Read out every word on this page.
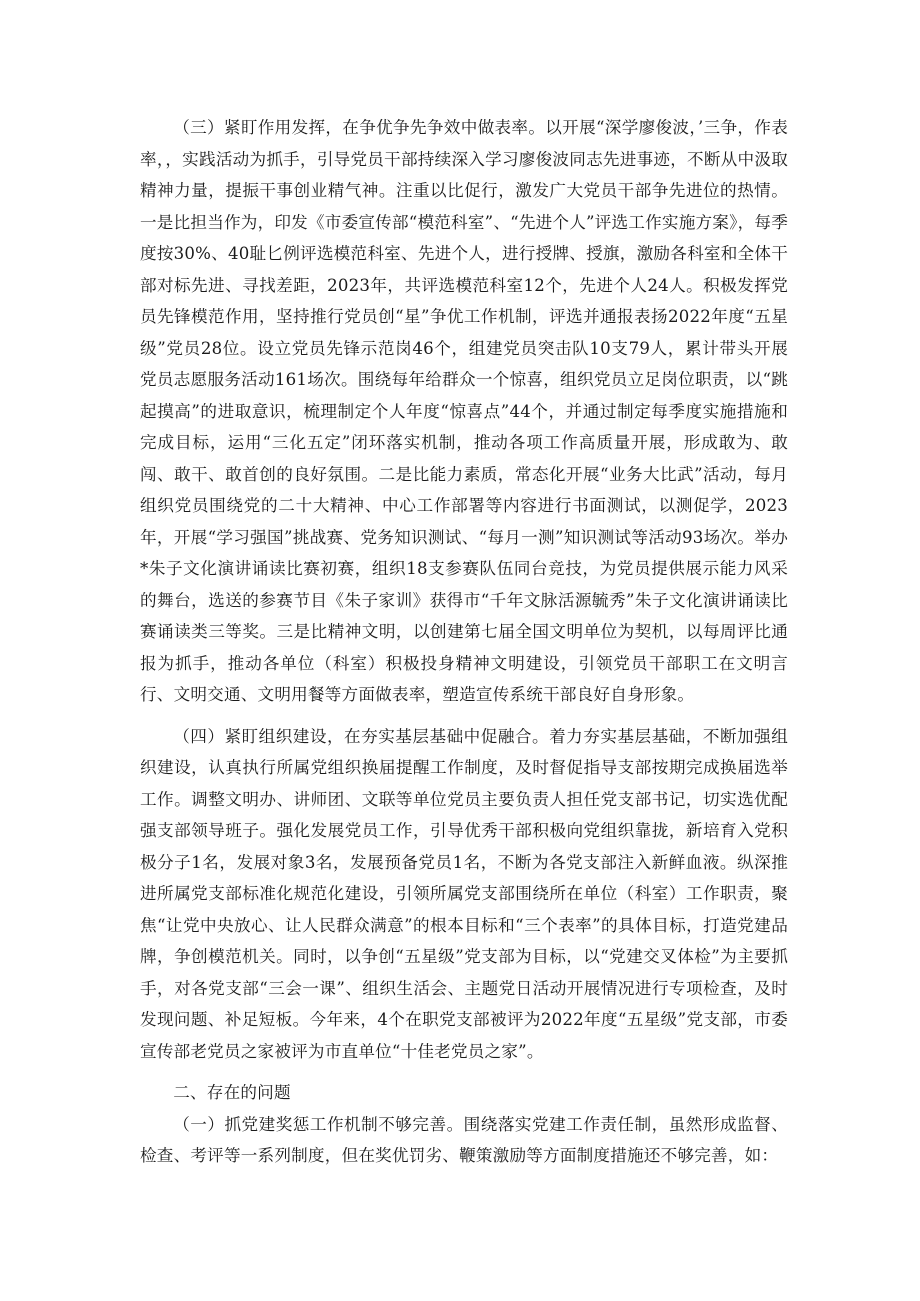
（三）紧盯作用发挥，在争优争先争效中做表率。以开展“深学廖俊波，’三争，作表率，，实践活动为抓手，引导党员干部持续深入学习廖俊波同志先进事迹，不断从中汲取精神力量，提振干事创业精气神。注重以比促行，激发广大党员干部争先进位的热情。一是比担当作为，印发《市委宣传部“模范科室”、“先进个人”评选工作实施方案》，每季度按30%、40耻匕例评选模范科室、先进个人，进行授牌、授旗，激励各科室和全体干部对标先进、寻找差距，2023年，共评选模范科室12个，先进个人24人。积极发挥党员先锋模范作用，坚持推行党员创“星”争优工作机制，评选并通报表扬2022年度“五星级”党员28位。设立党员先锋示范岗46个，组建党员突击队10支79人，累计带头开展党员志愿服务活动161场次。围绕每年给群众一个惊喜，组织党员立足岗位职责，以“跳起摸高”的进取意识，梳理制定个人年度“惊喜点”44个，并通过制定每季度实施措施和完成目标，运用“三化五定”闭环落实机制，推动各项工作高质量开展，形成敢为、敢闯、敢干、敢首创的良好氛围。二是比能力素质，常态化开展“业务大比武”活动，每月组织党员围绕党的二十大精神、中心工作部署等内容进行书面测试，以测促学，2023年，开展“学习强国”挑战赛、党务知识测试、“每月一测”知识测试等活动93场次。举办*朱子文化演讲诵读比赛初赛，组织18支参赛队伍同台竞技，为党员提供展示能力风采的舞台，选送的参赛节目《朱子家训》获得市“千年文脉活源毓秀”朱子文化演讲诵读比赛诵读类三等奖。三是比精神文明，以创建第七届全国文明单位为契机，以每周评比通报为抓手，推动各单位（科室）积极投身精神文明建设，引领党员干部职工在文明言行、文明交通、文明用餐等方面做表率，塑造宣传系统干部良好自身形象。

（四）紧盯组织建设，在夯实基层基础中促融合。着力夯实基层基础，不断加强组织建设，认真执行所属党组织换届提醒工作制度，及时督促指导支部按期完成换届选举工作。调整文明办、讲师团、文联等单位党员主要负责人担任党支部书记，切实选优配强支部领导班子。强化发展党员工作，引导优秀干部积极向党组织靠拢，新培育入党积极分子1名，发展对象3名，发展预备党员1名，不断为各党支部注入新鲜血液。纵深推进所属党支部标准化规范化建设，引领所属党支部围绕所在单位（科室）工作职责，聚焦“让党中央放心、让人民群众满意”的根本目标和“三个表率”的具体目标，打造党建品牌，争创模范机关。同时，以争创“五星级”党支部为目标，以“党建交叉体检”为主要抓手，对各党支部“三会一课”、组织生活会、主题党日活动开展情况进行专项检查，及时发现问题、补足短板。今年来，4个在职党支部被评为2022年度“五星级”党支部，市委宣传部老党员之家被评为市直单位“十佳老党员之家”。

二、存在的问题

（一）抓党建奖惩工作机制不够完善。围绕落实党建工作责任制，虽然形成监督、检查、考评等一系列制度，但在奖优罚劣、鞭策激励等方面制度措施还不够完善，如：
